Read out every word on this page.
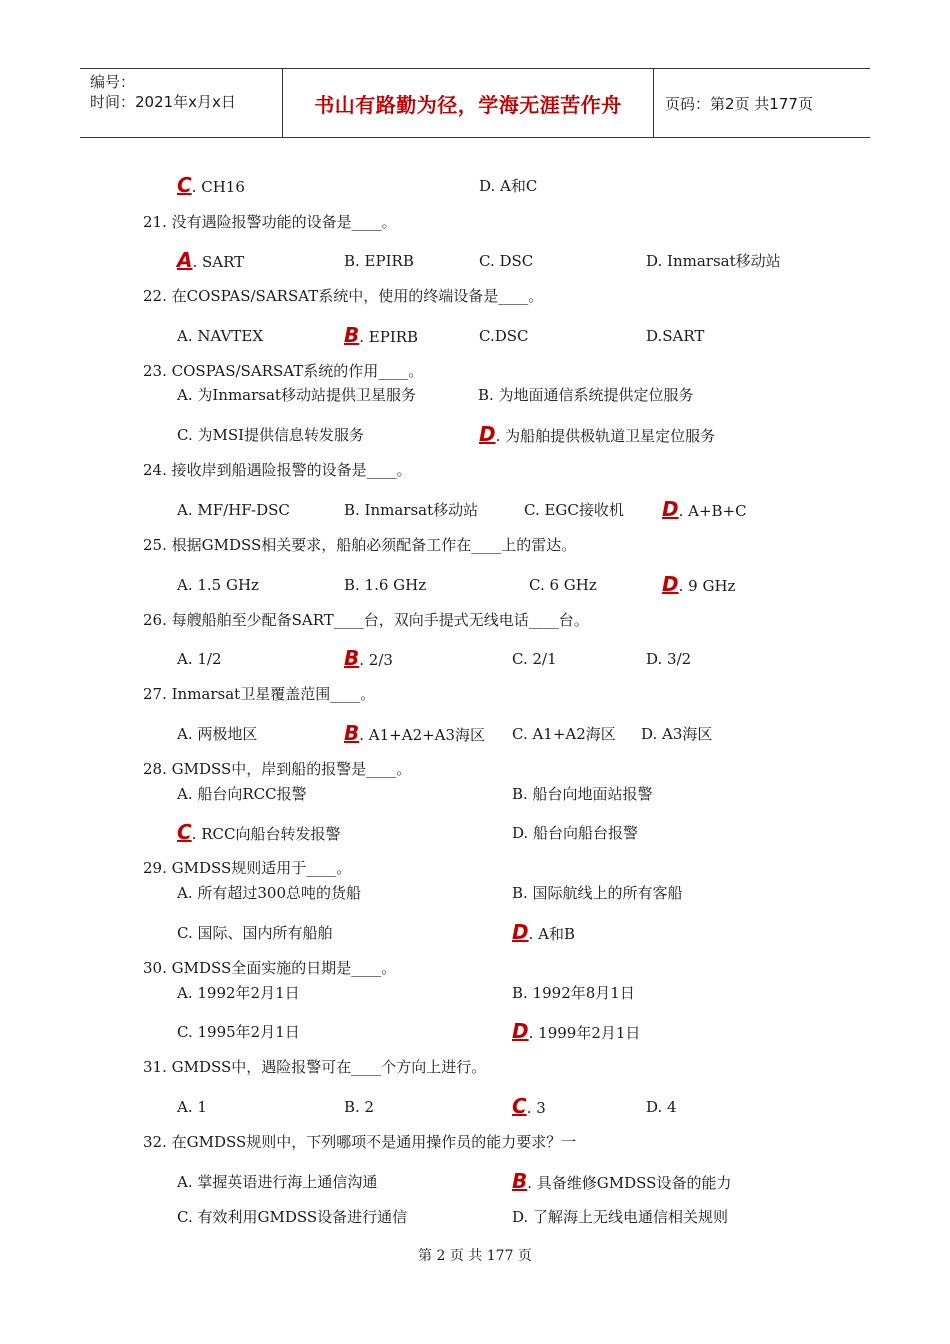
编号：
时间：2021年x月x日	书山有路勤为径，学海无涯苦作舟	页码：第2页 共177页
C. CH16	D. A和C
21. 没有遇险报警功能的设备是____。
A. SART	B. EPIRB	C. DSC	D. Inmarsat移动站
22. 在COSPAS/SARSAT系统中，使用的终端设备是____。
A. NAVTEX	B. EPIRB	C.DSC	D.SART
23. COSPAS/SARSAT系统的作用____。
A. 为Inmarsat移动站提供卫星服务	B. 为地面通信系统提供定位服务
C. 为MSI提供信息转发服务	D. 为船舶提供极轨道卫星定位服务
24. 接收岸到船遇险报警的设备是____。
A. MF/HF-DSC	B. Inmarsat移动站	C. EGC接收机 D. A+B+C
25. 根据GMDSS相关要求，船舶必须配备工作在____上的雷达。
A. 1.5 GHz	B. 1.6 GHz	C. 6 GHz	D. 9 GHz
26. 每艘船舶至少配备SART____台，双向手提式无线电话____台。
A. 1/2	B. 2/3	C. 2/1	D. 3/2
27. Inmarsat卫星覆盖范围____。
A. 两极地区	B. A1+A2+A3海区 C. A1+A2海区 D. A3海区
28. GMDSS中，岸到船的报警是____。
A. 船台向RCC报警	B. 船台向地面站报警
C. RCC向船台转发报警	D. 船台向船台报警
29. GMDSS规则适用于____。
A. 所有超过300总吨的货船	B. 国际航线上的所有客船
C. 国际、国内所有船舶	D. A和B
30. GMDSS全面实施的日期是____。
A. 1992年2月1日	B. 1992年8月1日
C. 1995年2月1日	D. 1999年2月1日
31. GMDSS中，遇险报警可在____个方向上进行。
A. 1	B. 2	C. 3	D. 4
32. 在GMDSS规则中，下列哪项不是通用操作员的能力要求？一
A. 掌握英语进行海上通信沟通	B. 具备维修GMDSS设备的能力
C. 有效利用GMDSS设备进行通信	D. 了解海上无线电通信相关规则
第 2 页 共 177 页
